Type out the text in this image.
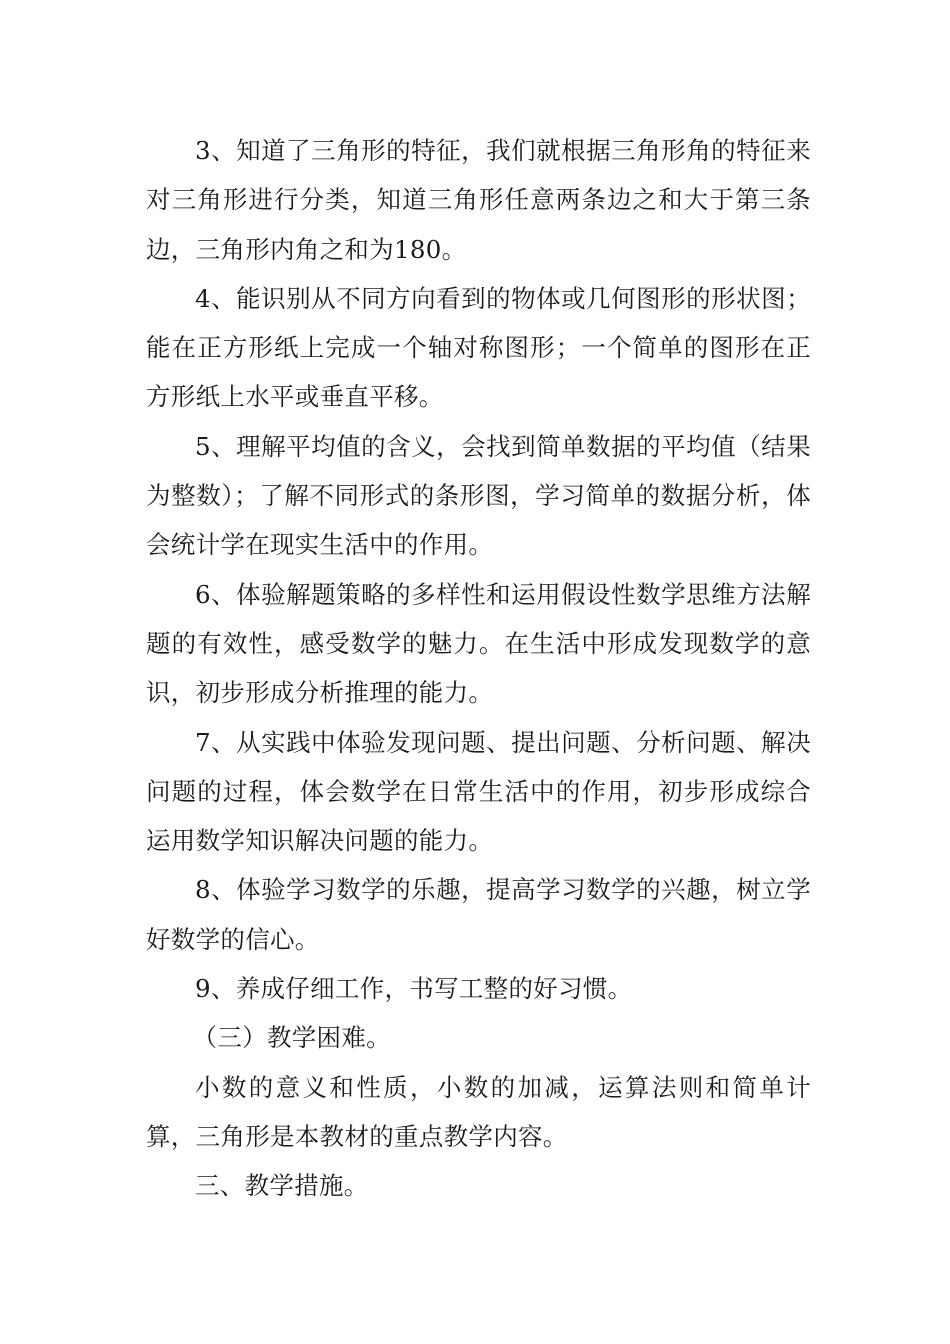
3、知道了三角形的特征，我们就根据三角形角的特征来对三角形进行分类，知道三角形任意两条边之和大于第三条边，三角形内角之和为180。

4、能识别从不同方向看到的物体或几何图形的形状图；能在正方形纸上完成一个轴对称图形；一个简单的图形在正方形纸上水平或垂直平移。

5、理解平均值的含义，会找到简单数据的平均值（结果为整数）；了解不同形式的条形图，学习简单的数据分析，体会统计学在现实生活中的作用。

6、体验解题策略的多样性和运用假设性数学思维方法解题的有效性，感受数学的魅力。在生活中形成发现数学的意识，初步形成分析推理的能力。

7、从实践中体验发现问题、提出问题、分析问题、解决问题的过程，体会数学在日常生活中的作用，初步形成综合运用数学知识解决问题的能力。

8、体验学习数学的乐趣，提高学习数学的兴趣，树立学好数学的信心。

9、养成仔细工作，书写工整的好习惯。

（三）教学困难。

小数的意义和性质，小数的加减，运算法则和简单计算，三角形是本教材的重点教学内容。

三、教学措施。
